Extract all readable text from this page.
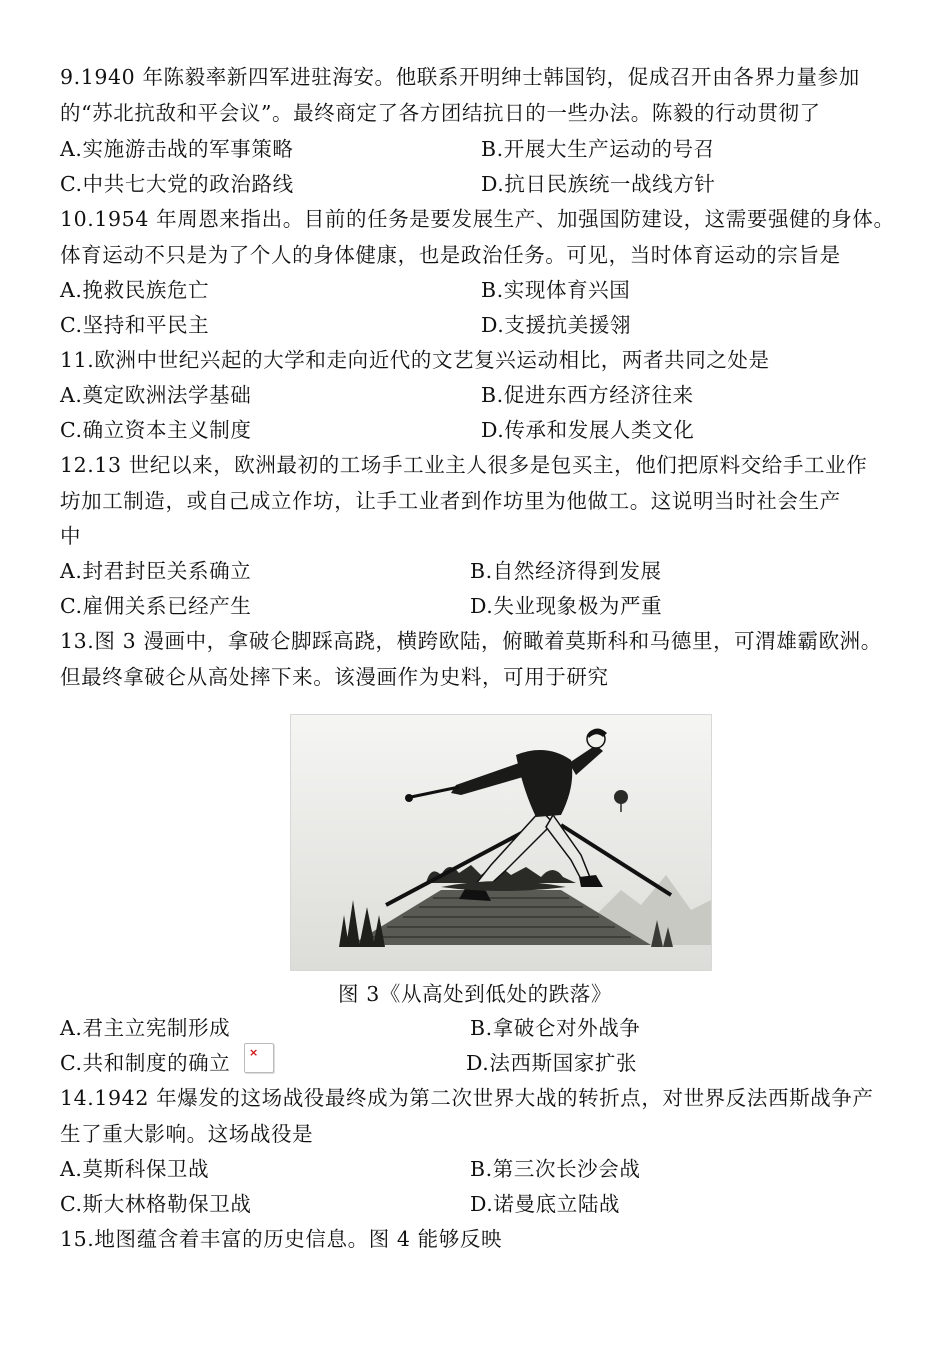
9.1940 年陈毅率新四军进驻海安。他联系开明绅士韩国钧，促成召开由各界力量参加
的“苏北抗敌和平会议”。最终商定了各方团结抗日的一些办法。陈毅的行动贯彻了
A.实施游击战的军事策略	B.开展大生产运动的号召
C.中共七大党的政治路线	D.抗日民族统一战线方针
10.1954 年周恩来指出。目前的任务是要发展生产、加强国防建设，这需要强健的身体。
体育运动不只是为了个人的身体健康，也是政治任务。可见，当时体育运动的宗旨是
A.挽救民族危亡	B.实现体育兴国
C.坚持和平民主	D.支援抗美援翎
11.欧洲中世纪兴起的大学和走向近代的文艺复兴运动相比，两者共同之处是
A.奠定欧洲法学基础	B.促进东西方经济往来
C.确立资本主义制度	D.传承和发展人类文化
12.13 世纪以来，欧洲最初的工场手工业主人很多是包买主，他们把原料交给手工业作
坊加工制造，或自己成立作坊，让手工业者到作坊里为他做工。这说明当时社会生产
中
A.封君封臣关系确立	B.自然经济得到发展
C.雇佣关系已经产生	D.失业现象极为严重
13.图 3 漫画中，拿破仑脚踩高跷，横跨欧陆，俯瞰着莫斯科和马德里，可渭雄霸欧洲。
但最终拿破仑从高处摔下来。该漫画作为史料，可用于研究
图 3《从高处到低处的跌落》
A.君主立宪制形成	B.拿破仑对外战争
C.共和制度的确立 ×	D.法西斯国家扩张
14.1942 年爆发的这场战役最终成为第二次世界大战的转折点，对世界反法西斯战争产
生了重大影响。这场战役是
A.莫斯科保卫战	B.第三次长沙会战
C.斯大林格勒保卫战	D.诺曼底立陆战
15.地图蕴含着丰富的历史信息。图 4 能够反映
